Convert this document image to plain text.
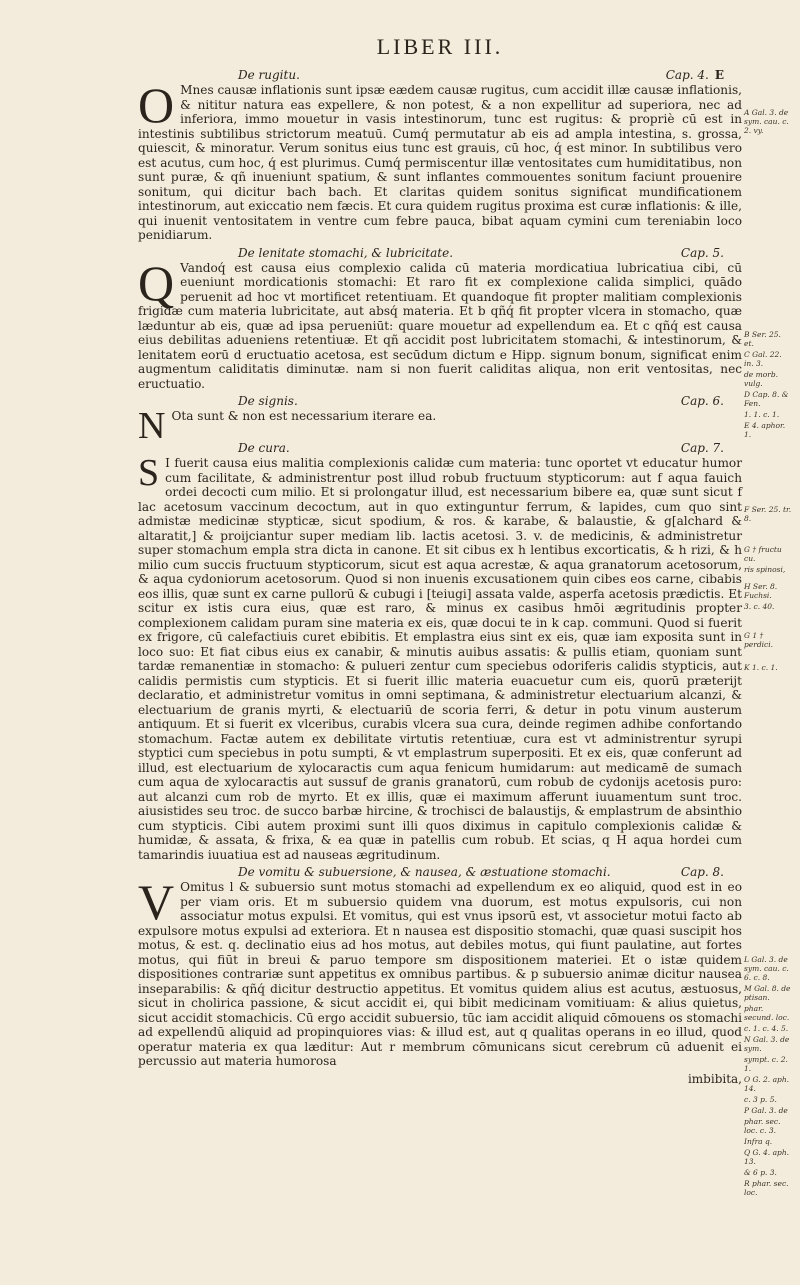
LIBER III.
De rugitu.	Cap. 4. E

O Mnes causæ inflationis sunt ipsæ eædem causæ rugitus, cum accidit illæ causæ inflationis, & nititur natura eas expellere, & non potest, & a non expellitur ad superiora, nec ad inferiora, immo mouetur in vasis intestinorum, tunc est rugitus: & propriè cū est in intestinis subtilibus strictorum meatuū. Cumq́ permutatur ab eis ad ampla intestina, s. grossa, quiescit, & minoratur. Verum sonitus eius tunc est grauis, cū hoc, q́ est minor. In subtilibus vero est acutus, cum hoc, q́ est plurimus. Cumq́ permiscentur illæ ventositates cum humiditatibus, non sunt puræ, & qñ inueniunt spatium, & sunt inflantes commouentes sonitum faciunt prouenire sonitum, qui dicitur bach bach. Et claritas quidem sonitus significat mundificationem intestinorum, aut exiccatio nem fæcis. Et cura quidem rugitus proxima est curæ inflationis: & ille, qui inuenit ventositatem in ventre cum febre pauca, bibat aquam cymini cum tereniabin loco penidiarum.

De lenitate stomachi, & lubricitate.	Cap. 5.

Q Vandoq́ est causa eius complexio calida cū materia mordicatiua lubricatiua cibi, cū eueniunt mordicationis stomachi: Et raro fit ex complexione calida simplici, quādo peruenit ad hoc vt mortificet retentiuam. Et quandoque fit propter malitiam complexionis frigidæ cum materia lubricitate, aut absq́ materia. Et b qñq́ fit propter vlcera in stomacho, quæ læduntur ab eis, quæ ad ipsa perueniūt: quare mouetur ad expellendum ea. Et c qñq́ est causa eius debilitas adueniens retentiuæ. Et qñ accidit post lubricitatem stomachi, & intestinorum, & lenitatem eorū d eructuatio acetosa, est secūdum dictum e Hipp. signum bonum, significat enim augmentum caliditatis diminutæ. nam si non fuerit caliditas aliqua, non erit ventositas, nec eructuatio.

De signis.	Cap. 6.

N Ota sunt & non est necessarium iterare ea.

De cura.	Cap. 7.

S I fuerit causa eius malitia complexionis calidæ cum materia: tunc oportet vt educatur humor cum facilitate, & administrentur post illud robub fructuum stypticorum: aut f aqua fauich ordei decocti cum milio. Et si prolongatur illud, est necessarium bibere ea, quæ sunt sicut f lac acetosum vaccinum decoctum, aut in quo extinguntur ferrum, & lapides, cum quo sint admistæ medicinæ stypticæ, sicut spodium, & ros. & karabe, & balaustie, & g[alchard & altaratit,] & proijciantur super mediam lib. lactis acetosi. 3. v. de medicinis, & administretur super stomachum empla stra dicta in canone. Et sit cibus ex h lentibus excorticatis, & h rizi, & h milio cum succis fructuum stypticorum, sicut est aqua acrestæ, & aqua granatorum acetosorum, & aqua cydoniorum acetosorum. Quod si non inuenis excusationem quin cibes eos carne, cibabis eos illis, quæ sunt ex carne pullorū & cubugi i [teiugi] assata valde, asperfa acetosis prædictis. Et scitur ex istis cura eius, quæ est raro, & minus ex casibus hmōi ægritudinis propter complexionem calidam puram sine materia ex eis, quæ docui te in k cap. communi. Quod si fuerit ex frigore, cū calefactiuis curet ebibitis. Et emplastra eius sint ex eis, quæ iam exposita sunt in loco suo: Et fiat cibus eius ex canabir, & minutis auibus assatis: & pullis etiam, quoniam sunt tardæ remanentiæ in stomacho: & pulueri zentur cum speciebus odoriferis calidis stypticis, aut calidis permistis cum stypticis. Et si fuerit illic materia euacuetur cum eis, quorū præterijt declaratio, et administretur vomitus in omni septimana, & administretur electuarium alcanzi, & electuarium de granis myrti, & electuariū de scoria ferri, & detur in potu vinum austerum antiquum. Et si fuerit ex vlceribus, curabis vlcera sua cura, deinde regimen adhibe confortando stomachum. Factæ autem ex debilitate virtutis retentiuæ, cura est vt administrentur syrupi styptici cum speciebus in potu sumpti, & vt emplastrum superpositi. Et ex eis, quæ conferunt ad illud, est electuarium de xylocaractis cum aqua fenicum humidarum: aut medicamē de sumach cum aqua de xylocaractis aut sussuf de granis granatorū, cum robub de cydonijs acetosis puro: aut alcanzi cum rob de myrto. Et ex illis, quæ ei maximum afferunt iuuamentum sunt troc. aiusistides seu troc. de succo barbæ hircine, & trochisci de balaustijs, & emplastrum de absinthio cum stypticis. Cibi autem proximi sunt illi quos diximus in capitulo complexionis calidæ & humidæ, & assata, & frixa, & ea quæ in patellis cum robub. Et scias, q H aqua hordei cum tamarindis iuuatiua est ad nauseas ægritudinum.

De vomitu & subuersione, & nausea, & æstuatione stomachi.	Cap. 8.

V Omitus l & subuersio sunt motus stomachi ad expellendum ex eo aliquid, quod est in eo per viam oris. Et m subuersio quidem vna duorum, est motus expulsoris, cui non associatur motus expulsi. Et vomitus, qui est vnus ipsorū est, vt associetur motui facto ab expulsore motus expulsi ad exteriora. Et n nausea est dispositio stomachi, quæ quasi suscipit hos motus, & est. q. declinatio eius ad hos motus, aut debiles motus, qui fiunt paulatine, aut fortes motus, qui fiūt in breui & paruo tempore sm dispositionem materiei. Et o istæ quidem dispositiones contrariæ sunt appetitus ex omnibus partibus. & p subuersio animæ dicitur nausea inseparabilis: & qñq́ dicitur destructio appetitus. Et vomitus quidem alius est acutus, æstuosus, sicut in cholirica passione, & sicut accidit ei, qui bibit medicinam vomitiuam: & alius quietus, sicut accidit stomachicis. Cū ergo accidit subuersio, tūc iam accidit aliquid cōmouens os stomachi ad expellendū aliquid ad propinquiores vias: & illud est, aut q qualitas operans in eo illud, quod operatur materia ex qua læditur: Aut r membrum cōmunicans sicut cerebrum cū aduenit ei percussio aut materia humorosa

imbibita,
A Gal. 3. de sym. cau. c. 2. vy.
B Ser. 25. et.
C Gal. 22. in. 3.
de morb. vulg.
D Cap. 8. & Fen.
1. 1. c. 1.
E 4. aphor. 1.
F Ser. 25. tr. 8.
G † fructu cu.
ris spinosi,
H Ser. 8. Fuchsi.
3. c. 40.
G 1 † perdici.
K 1. c. 1.
L Gal. 3. de sym. cau. c. 6. c. 8.
M Gal. 8. de ptisan.
phar. secund. loc.
c. 1. c. 4. 5.
N Gal. 3. de sym.
sympt. c. 2. 1.
O G. 2. aph. 14.
c. 3 p. 5.
P Gal. 3. de
phar. sec. loc. c. 3.
Infra q.
Q G. 4. aph. 13.
& 6 p. 3.
R phar. sec. loc.
